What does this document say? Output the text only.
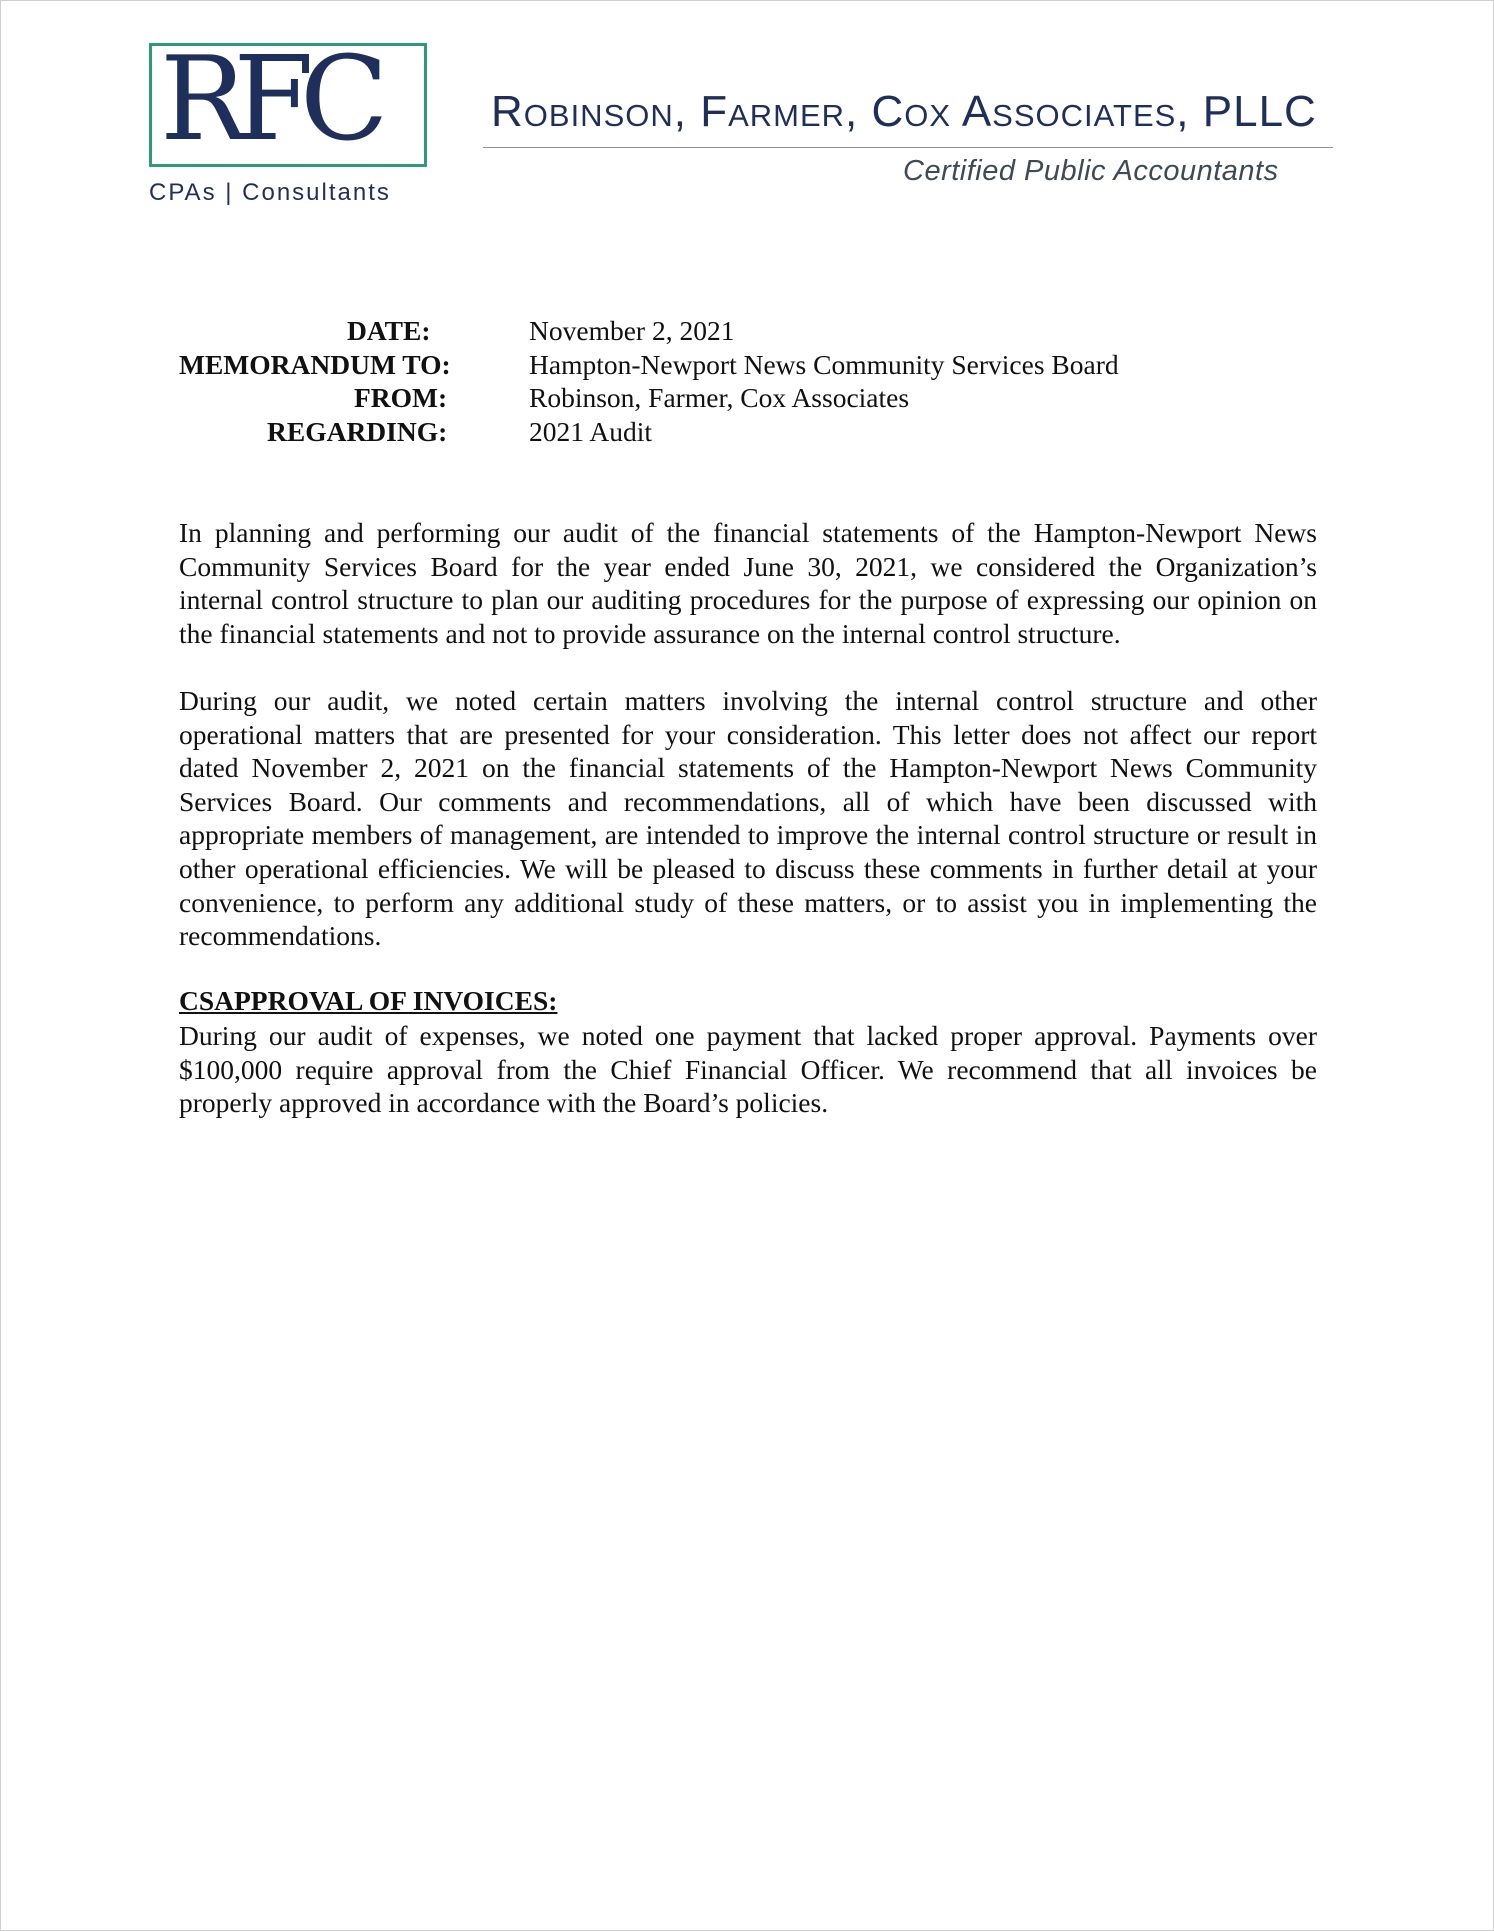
RFC
CPAs | Consultants
Robinson, Farmer, Cox Associates, PLLC
Certified Public Accountants
DATE:	November 2, 2021
MEMORANDUM TO:	Hampton-Newport News Community Services Board
FROM:	Robinson, Farmer, Cox Associates
REGARDING:	2021 Audit
In planning and performing our audit of the financial statements of the Hampton-Newport News Community Services Board for the year ended June 30, 2021, we considered the Organization’s internal control structure to plan our auditing procedures for the purpose of expressing our opinion on the financial statements and not to provide assurance on the internal control structure.
During our audit, we noted certain matters involving the internal control structure and other operational matters that are presented for your consideration. This letter does not affect our report dated November 2, 2021 on the financial statements of the Hampton-Newport News Community Services Board. Our comments and recommendations, all of which have been discussed with appropriate members of management, are intended to improve the internal control structure or result in other operational efficiencies. We will be pleased to discuss these comments in further detail at your convenience, to perform any additional study of these matters, or to assist you in implementing the recommendations.
CSAPPROVAL OF INVOICES:
During our audit of expenses, we noted one payment that lacked proper approval. Payments over $100,000 require approval from the Chief Financial Officer. We recommend that all invoices be properly approved in accordance with the Board’s policies.
